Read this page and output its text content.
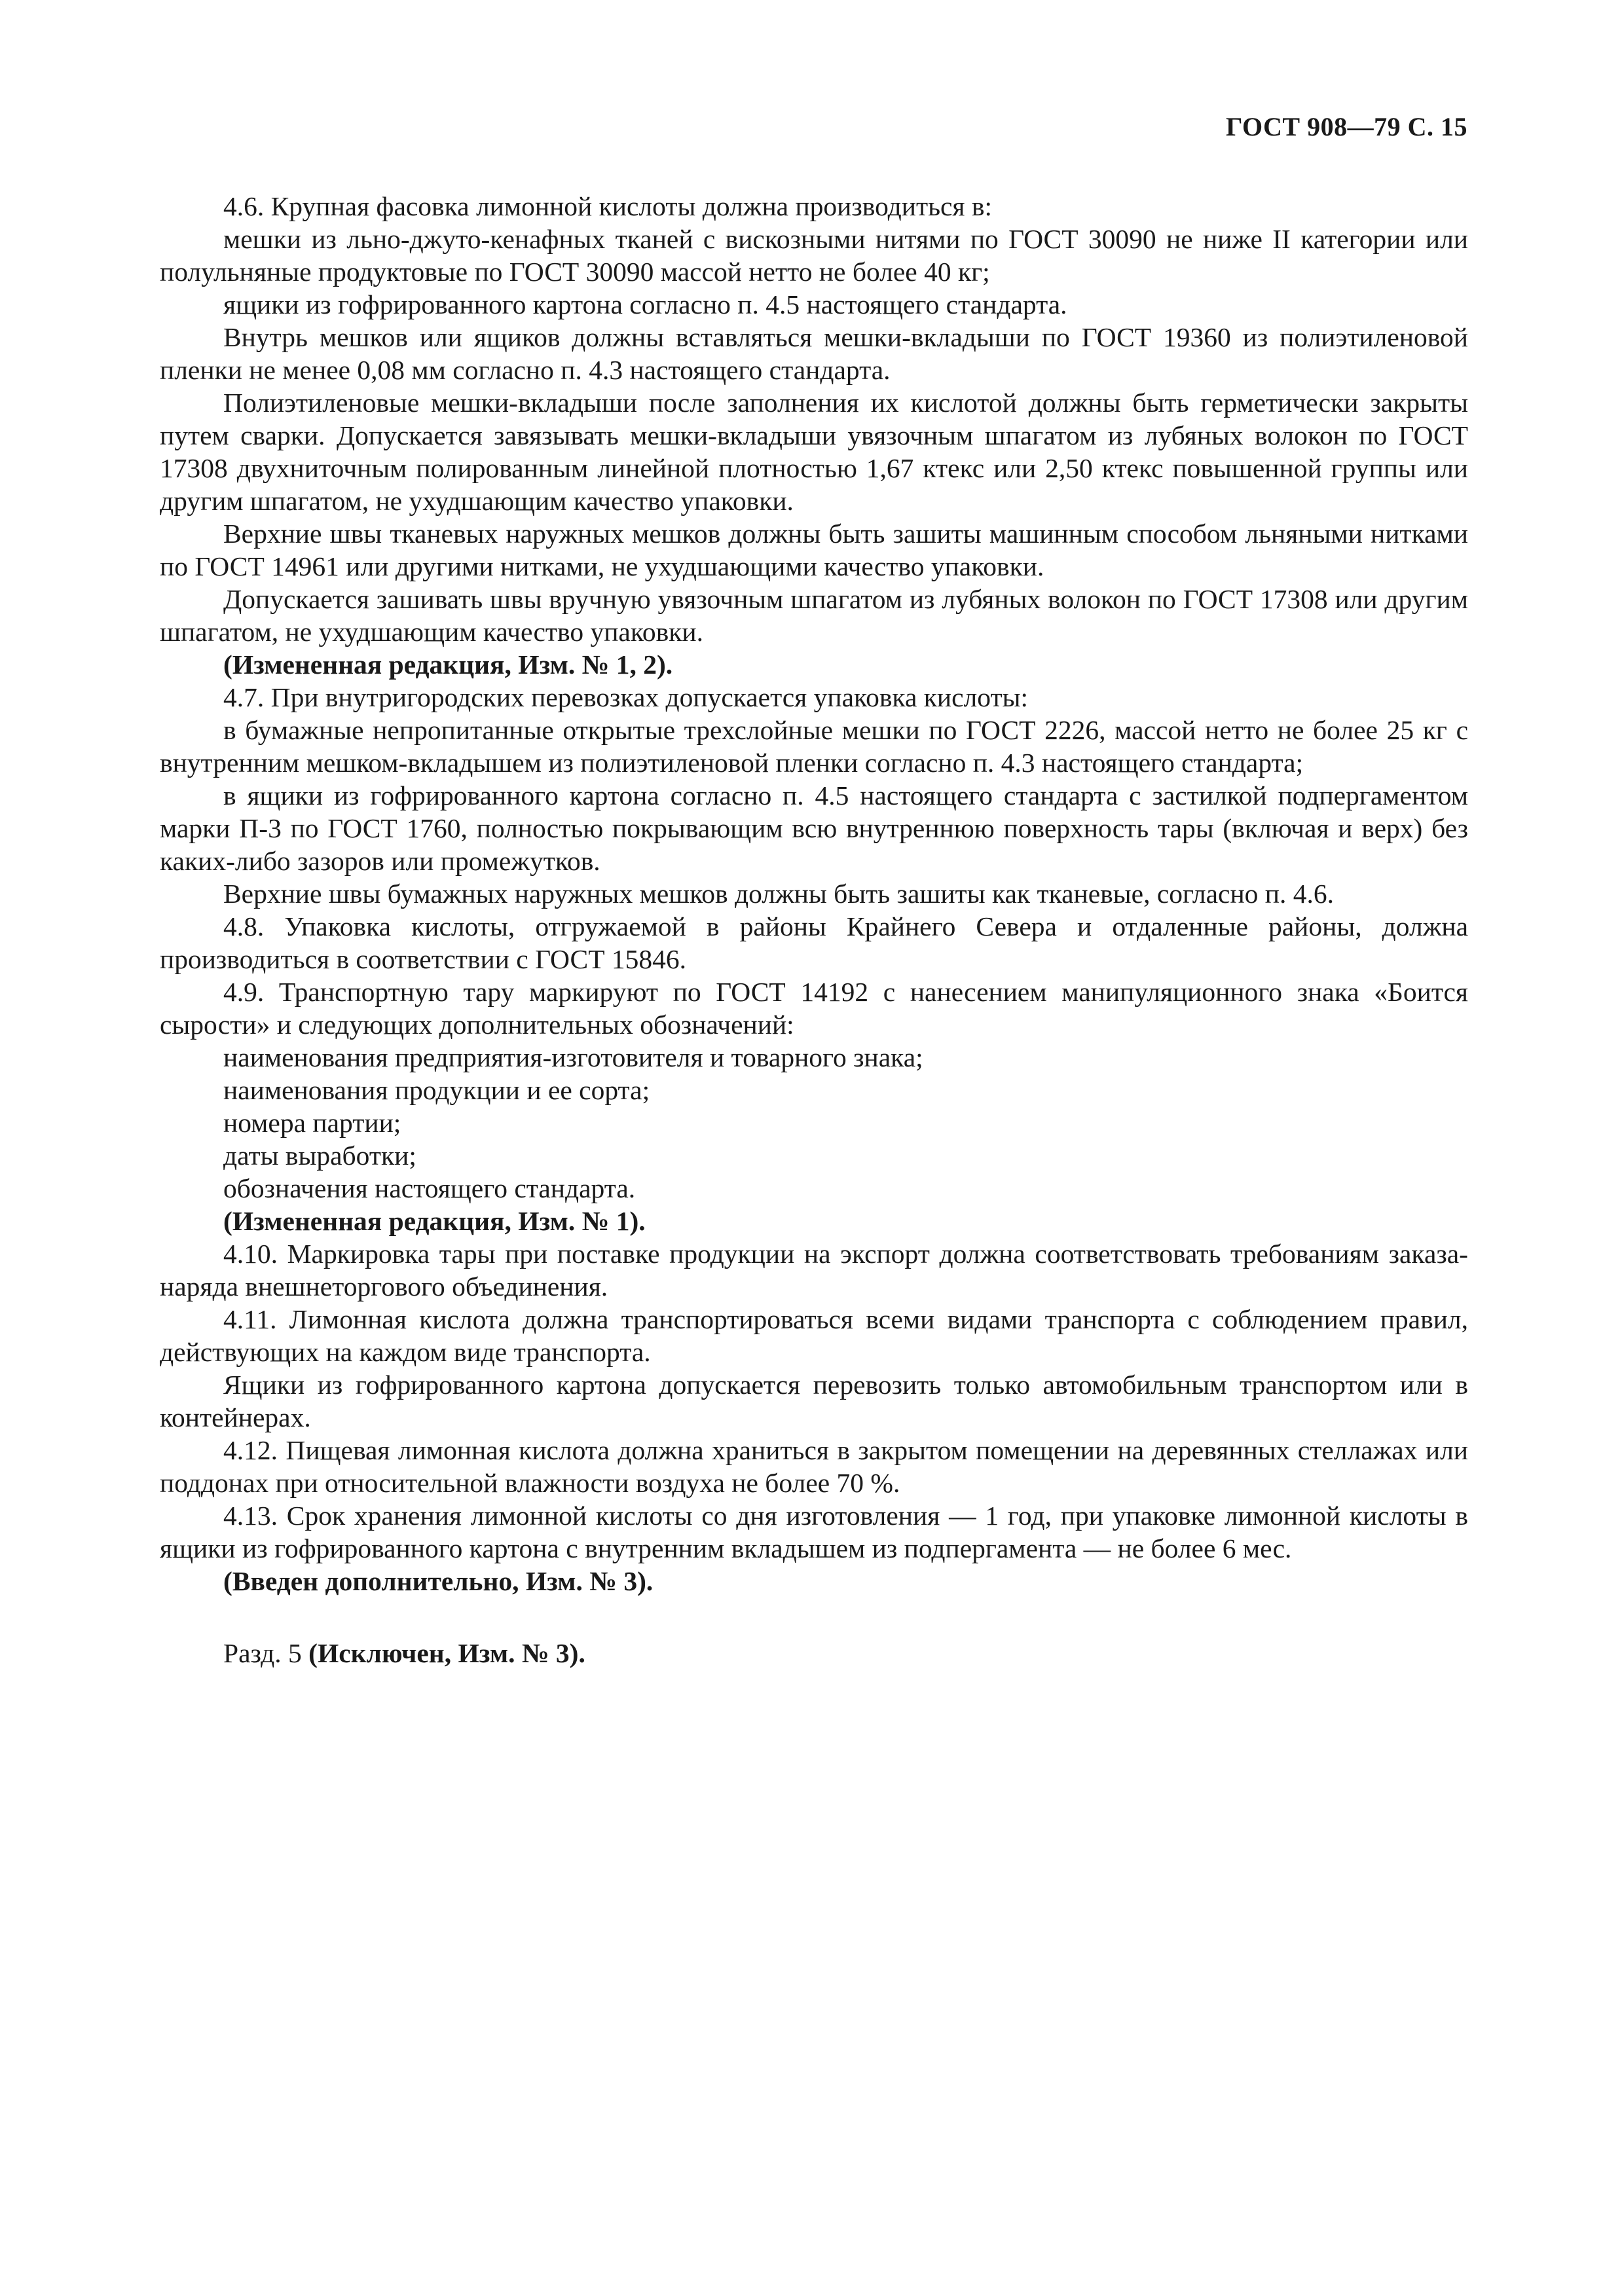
ГОСТ 908—79 С. 15

4.6. Крупная фасовка лимонной кислоты должна производиться в:

мешки из льно-джуто-кенафных тканей с вискозными нитями по ГОСТ 30090 не ниже II категории или полульняные продуктовые по ГОСТ 30090 массой нетто не более 40 кг;

ящики из гофрированного картона согласно п. 4.5 настоящего стандарта.

Внутрь мешков или ящиков должны вставляться мешки-вкладыши по ГОСТ 19360 из полиэтиленовой пленки не менее 0,08 мм согласно п. 4.3 настоящего стандарта.

Полиэтиленовые мешки-вкладыши после заполнения их кислотой должны быть герметически закрыты путем сварки. Допускается завязывать мешки-вкладыши увязочным шпагатом из лубяных волокон по ГОСТ 17308 двухниточным полированным линейной плотностью 1,67 ктекс или 2,50 ктекс повышенной группы или другим шпагатом, не ухудшающим качество упаковки.

Верхние швы тканевых наружных мешков должны быть зашиты машинным способом льняными нитками по ГОСТ 14961 или другими нитками, не ухудшающими качество упаковки.

Допускается зашивать швы вручную увязочным шпагатом из лубяных волокон по ГОСТ 17308 или другим шпагатом, не ухудшающим качество упаковки.

(Измененная редакция, Изм. № 1, 2).

4.7. При внутригородских перевозках допускается упаковка кислоты:

в бумажные непропитанные открытые трехслойные мешки по ГОСТ 2226, массой нетто не более 25 кг с внутренним мешком-вкладышем из полиэтиленовой пленки согласно п. 4.3 настоящего стандарта;

в ящики из гофрированного картона согласно п. 4.5 настоящего стандарта с застилкой подпергаментом марки П-3 по ГОСТ 1760, полностью покрывающим всю внутреннюю поверхность тары (включая и верх) без каких-либо зазоров или промежутков.

Верхние швы бумажных наружных мешков должны быть зашиты как тканевые, согласно п. 4.6.

4.8. Упаковка кислоты, отгружаемой в районы Крайнего Севера и отдаленные районы, должна производиться в соответствии с ГОСТ 15846.

4.9. Транспортную тару маркируют по ГОСТ 14192 с нанесением манипуляционного знака «Боится сырости» и следующих дополнительных обозначений:

наименования предприятия-изготовителя и товарного знака;

наименования продукции и ее сорта;

номера партии;

даты выработки;

обозначения настоящего стандарта.

(Измененная редакция, Изм. № 1).

4.10. Маркировка тары при поставке продукции на экспорт должна соответствовать требованиям заказа-наряда внешнеторгового объединения.

4.11. Лимонная кислота должна транспортироваться всеми видами транспорта с соблюдением правил, действующих на каждом виде транспорта.

Ящики из гофрированного картона допускается перевозить только автомобильным транспортом или в контейнерах.

4.12. Пищевая лимонная кислота должна храниться в закрытом помещении на деревянных стеллажах или поддонах при относительной влажности воздуха не более 70 %.

4.13. Срок хранения лимонной кислоты со дня изготовления — 1 год, при упаковке лимонной кислоты в ящики из гофрированного картона с внутренним вкладышем из подпергамента — не более 6 мес.

(Введен дополнительно, Изм. № 3).

Разд. 5 (Исключен, Изм. № 3).
